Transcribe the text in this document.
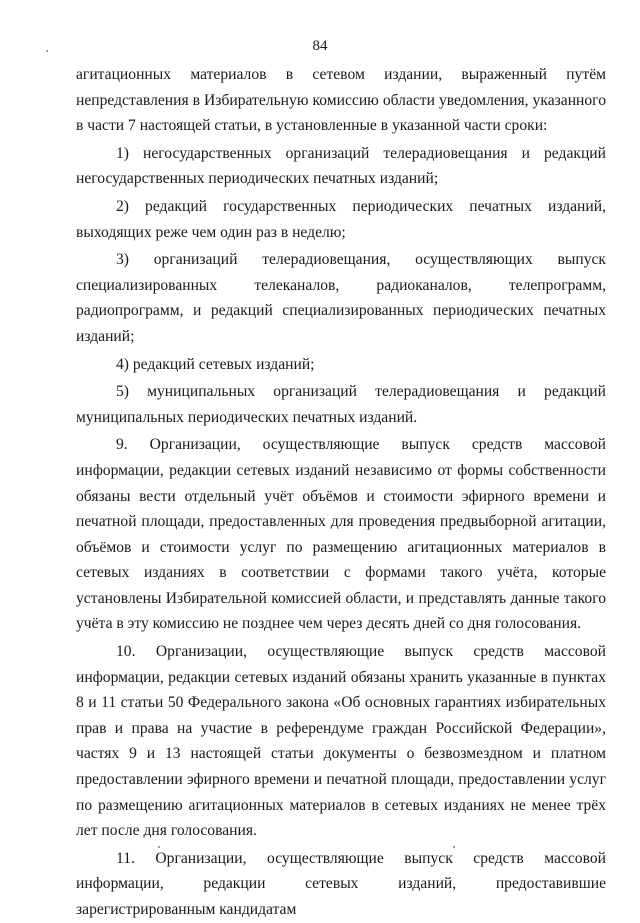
84

агитационных материалов в сетевом издании, выраженный путём непредставления в Избирательную комиссию области уведомления, указанного в части 7 настоящей статьи, в установленные в указанной части сроки:

1) негосударственных организаций телерадиовещания и редакций негосударственных периодических печатных изданий;

2) редакций государственных периодических печатных изданий, выходящих реже чем один раз в неделю;

3) организаций телерадиовещания, осуществляющих выпуск специализированных телеканалов, радиоканалов, телепрограмм, радиопрограмм, и редакций специализированных периодических печатных изданий;

4) редакций сетевых изданий;

5) муниципальных организаций телерадиовещания и редакций муниципальных периодических печатных изданий.

9. Организации, осуществляющие выпуск средств массовой информации, редакции сетевых изданий независимо от формы собственности обязаны вести отдельный учёт объёмов и стоимости эфирного времени и печатной площади, предоставленных для проведения предвыборной агитации, объёмов и стоимости услуг по размещению агитационных материалов в сетевых изданиях в соответствии с формами такого учёта, которые установлены Избирательной комиссией области, и представлять данные такого учёта в эту комиссию не позднее чем через десять дней со дня голосования.

10. Организации, осуществляющие выпуск средств массовой информации, редакции сетевых изданий обязаны хранить указанные в пунктах 8 и 11 статьи 50 Федерального закона «Об основных гарантиях избирательных прав и права на участие в референдуме граждан Российской Федерации», частях 9 и 13 настоящей статьи документы о безвозмездном и платном предоставлении эфирного времени и печатной площади, предоставлении услуг по размещению агитационных материалов в сетевых изданиях не менее трёх лет после дня голосования.

11. Организации, осуществляющие выпуск средств массовой информации, редакции сетевых изданий, предоставившие зарегистрированным кандидатам
